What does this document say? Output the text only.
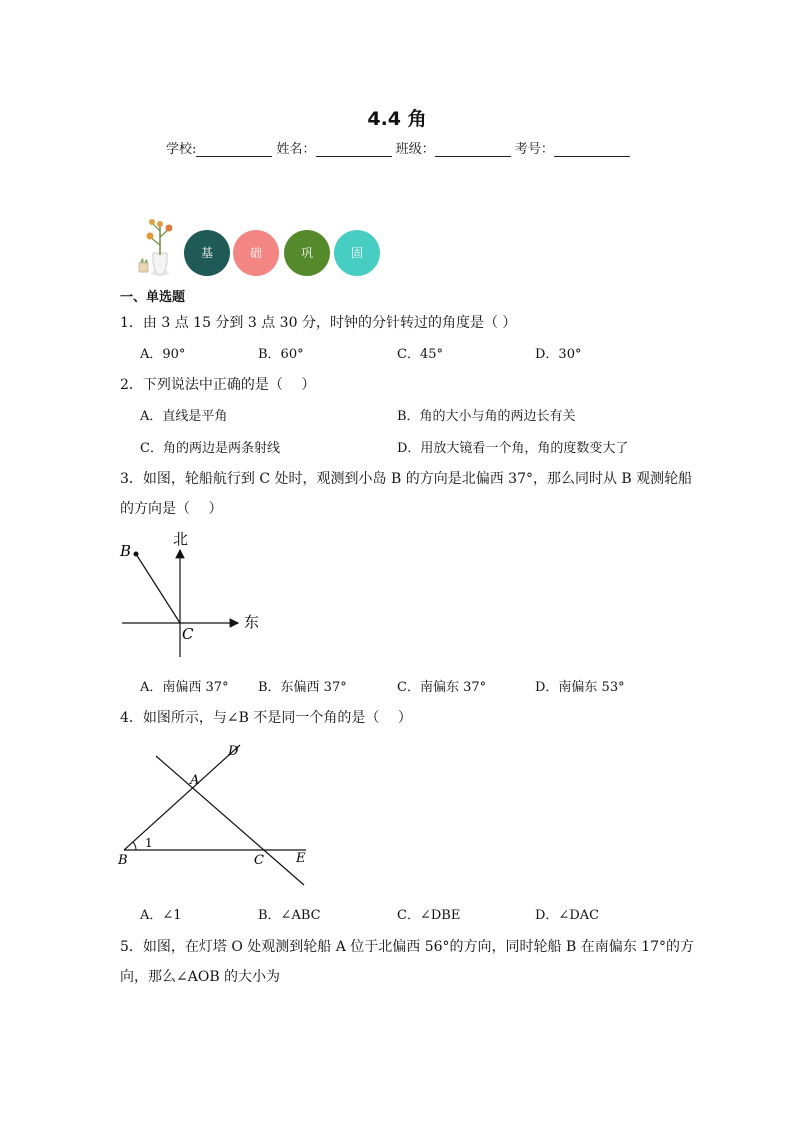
4.4 角
学校:	姓名：	班级：	考号：
基	础	巩	固
一、单选题
1．由 3 点 15 分到 3 点 30 分，时钟的分针转过的角度是（ ）
A．90°	B．60°	C．45°	D．30°
2．下列说法中正确的是（　 ）
A．直线是平角	B．角的大小与角的两边长有关
C．角的两边是两条射线	D．用放大镜看一个角，角的度数变大了
3．如图，轮船航行到 C 处时，观测到小岛 B 的方向是北偏西 37°，那么同时从 B 观测轮船
的方向是（　 ）
北
东
B
C
A．南偏西 37° B．东偏西 37°	C．南偏东 37°	D．南偏东 53°
4．如图所示，与∠B 不是同一个角的是（　 ）
D
A
B
1
C E
A．∠1	B．∠ABC	C．∠DBE	D．∠DAC
5．如图，在灯塔 O 处观测到轮船 A 位于北偏西 56°的方向，同时轮船 B 在南偏东 17°的方
向，那么∠AOB 的大小为
